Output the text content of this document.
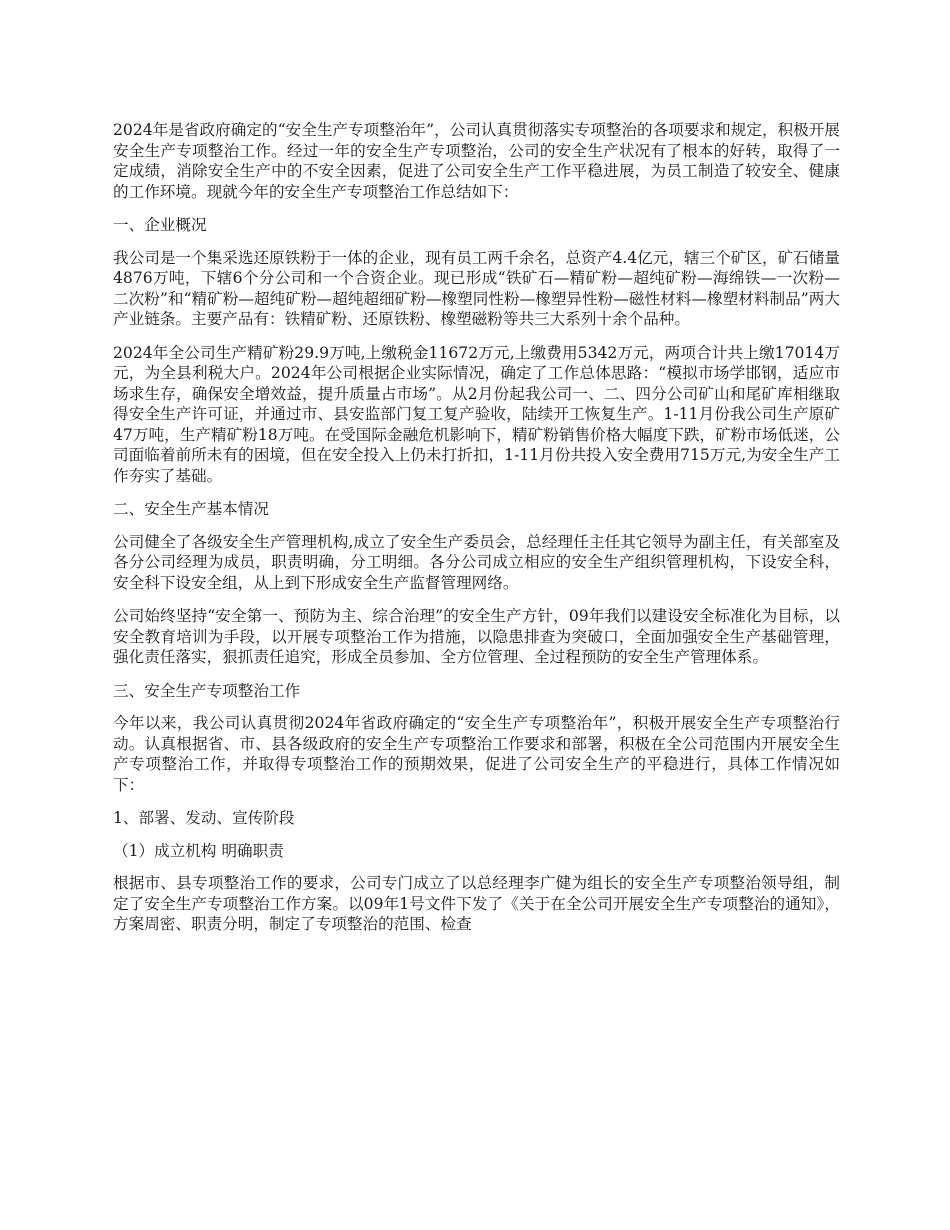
2024年是省政府确定的“安全生产专项整治年”，公司认真贯彻落实专项整治的各项要求和规定，积极开展安全生产专项整治工作。经过一年的安全生产专项整治，公司的安全生产状况有了根本的好转，取得了一定成绩，消除安全生产中的不安全因素，促进了公司安全生产工作平稳进展，为员工制造了较安全、健康的工作环境。现就今年的安全生产专项整治工作总结如下：

一、企业概况

我公司是一个集采选还原铁粉于一体的企业，现有员工两千余名，总资产4.4亿元，辖三个矿区，矿石储量4876万吨，下辖6个分公司和一个合资企业。现已形成“铁矿石—精矿粉—超纯矿粉—海绵铁—一次粉—二次粉”和“精矿粉—超纯矿粉—超纯超细矿粉—橡塑同性粉—橡塑异性粉—磁性材料—橡塑材料制品”两大产业链条。主要产品有：铁精矿粉、还原铁粉、橡塑磁粉等共三大系列十余个品种。

2024年全公司生产精矿粉29.9万吨,上缴税金11672万元,上缴费用5342万元，两项合计共上缴17014万元，为全县利税大户。2024年公司根据企业实际情况，确定了工作总体思路：“模拟市场学邯钢，适应市场求生存，确保安全增效益，提升质量占市场”。从2月份起我公司一、二、四分公司矿山和尾矿库相继取得安全生产许可证，并通过市、县安监部门复工复产验收，陆续开工恢复生产。1-11月份我公司生产原矿47万吨，生产精矿粉18万吨。在受国际金融危机影响下，精矿粉销售价格大幅度下跌，矿粉市场低迷，公司面临着前所未有的困境，但在安全投入上仍未打折扣，1-11月份共投入安全费用715万元,为安全生产工作夯实了基础。

二、安全生产基本情况

公司健全了各级安全生产管理机构,成立了安全生产委员会，总经理任主任其它领导为副主任，有关部室及各分公司经理为成员，职责明确，分工明细。各分公司成立相应的安全生产组织管理机构，下设安全科，安全科下设安全组，从上到下形成安全生产监督管理网络。

公司始终坚持“安全第一、预防为主、综合治理”的安全生产方针，09年我们以建设安全标准化为目标，以安全教育培训为手段，以开展专项整治工作为措施，以隐患排查为突破口，全面加强安全生产基础管理，强化责任落实，狠抓责任追究，形成全员参加、全方位管理、全过程预防的安全生产管理体系。

三、安全生产专项整治工作

今年以来，我公司认真贯彻2024年省政府确定的“安全生产专项整治年”，积极开展安全生产专项整治行动。认真根据省、市、县各级政府的安全生产专项整治工作要求和部署，积极在全公司范围内开展安全生产专项整治工作，并取得专项整治工作的预期效果，促进了公司安全生产的平稳进行，具体工作情况如下：

1、部署、发动、宣传阶段

（1）成立机构 明确职责

根据市、县专项整治工作的要求，公司专门成立了以总经理李广健为组长的安全生产专项整治领导组，制定了安全生产专项整治工作方案。以09年1号文件下发了《关于在全公司开展安全生产专项整治的通知》，方案周密、职责分明，制定了专项整治的范围、检查
